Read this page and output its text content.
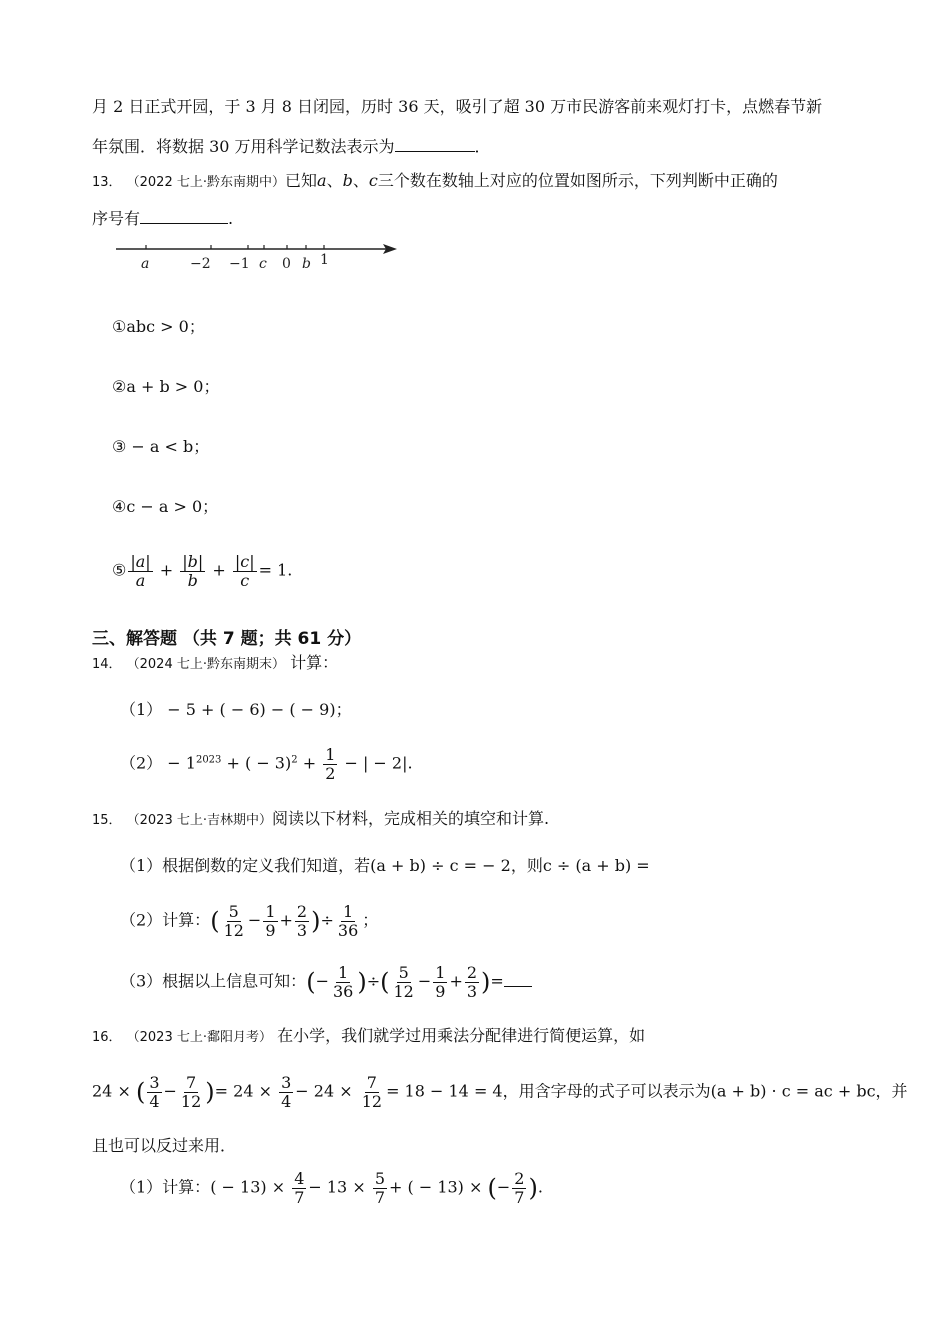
月 2 日正式开园，于 3 月 8 日闭园，历时 36 天，吸引了超 30 万市民游客前来观灯打卡，点燃春节新
年氛围．将数据 30 万用科学记数法表示为	．
13． （2022 七上·黔东南期中）已知a、b、c三个数在数轴上对应的位置如图所示，下列判断中正确的
序号有	.
a	−2 −1 c 0 b 1
①abc > 0；
②a + b > 0；
③ − a < b；
④c − a > 0；
⑤ $\frac{|a|}{a} + \frac{|b|}{b} + \frac{|c|}{c} = 1$.
三、解答题 （共 7 题；共 61 分）
14． （2024 七上·黔东南期末） 计算：
（1） − 5 + ( − 6) − ( − 9)；
$(2) - 1^{2023}$ + ( − $3)^2 + \frac{1}{2}$ − | − 2|.
15． （2023 七上·吉林期中）阅读以下材料，完成相关的填空和计算.
（1）根据倒数的定义我们知道，若(a + b) ÷ c = − 2，则c ÷ (a + b) =
（2）计算：( $\frac{5}{12} - \frac{1}{9} + \frac{2}{3}$ )÷ $\frac{1}{36}$ ；
（3）根据以上信息可知：(− $\frac{1}{36}$ )÷( $\frac{5}{12} - \frac{1}{9} + \frac{2}{3}$ )=
16． （2023 七上·鄱阳月考） 在小学，我们就学过用乘法分配律进行简便运算，如
24 × ( $\frac{3}{4} - \frac{7}{12}$ )= $24 \times \frac{3}{4} - 24 \times \frac{7}{12} = 18 - 14 = 4$，用含字母的式子可以表示为(a + b) · c = ac + bc，并
且也可以反过来用．
（1）计算：( − $13) \times \frac{4}{7} - 13 \times \frac{5}{7}$ + ( − 13) × (− $\frac{2}{7}$ ).
